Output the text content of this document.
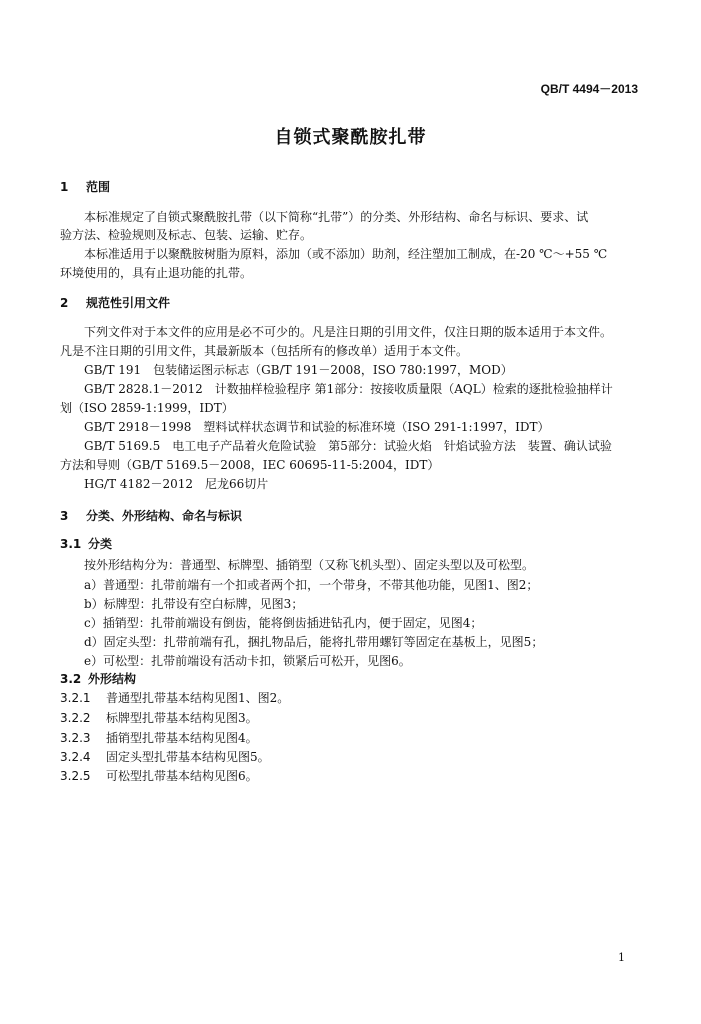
QB/T 4494－2013
自锁式聚酰胺扎带
1 范围
本标准规定了自锁式聚酰胺扎带（以下简称“扎带”）的分类、外形结构、命名与标识、要求、试
验方法、检验规则及标志、包装、运输、贮存。
本标准适用于以聚酰胺树脂为原料，添加（或不添加）助剂，经注塑加工制成，在-20 ℃～+55 ℃
环境使用的，具有止退功能的扎带。
2 规范性引用文件
下列文件对于本文件的应用是必不可少的。凡是注日期的引用文件，仅注日期的版本适用于本文件。
凡是不注日期的引用文件，其最新版本（包括所有的修改单）适用于本文件。
GB/T 191　包装储运图示标志（GB/T 191－2008，ISO 780:1997，MOD）
GB/T 2828.1－2012　计数抽样检验程序 第1部分：按接收质量限（AQL）检索的逐批检验抽样计
划（ISO 2859-1:1999，IDT）
GB/T 2918－1998　塑料试样状态调节和试验的标准环境（ISO 291-1:1997，IDT）
GB/T 5169.5　电工电子产品着火危险试验　第5部分：试验火焰　针焰试验方法　装置、确认试验
方法和导则（GB/T 5169.5－2008，IEC 60695-11-5:2004，IDT）
HG/T 4182－2012　尼龙66切片
3 分类、外形结构、命名与标识
3.1 分类
按外形结构分为：普通型、标牌型、插销型（又称飞机头型）、固定头型以及可松型。
a）普通型：扎带前端有一个扣或者两个扣，一个带身，不带其他功能，见图1、图2；
b）标牌型：扎带设有空白标牌，见图3；
c）插销型：扎带前端设有倒齿，能将倒齿插进钻孔内，便于固定，见图4；
d）固定头型：扎带前端有孔，捆扎物品后，能将扎带用螺钉等固定在基板上，见图5；
e）可松型：扎带前端设有活动卡扣，锁紧后可松开，见图6。
3.2 外形结构
3.2.1 普通型扎带基本结构见图1、图2。
3.2.2 标牌型扎带基本结构见图3。
3.2.3 插销型扎带基本结构见图4。
3.2.4 固定头型扎带基本结构见图5。
3.2.5 可松型扎带基本结构见图6。
1
